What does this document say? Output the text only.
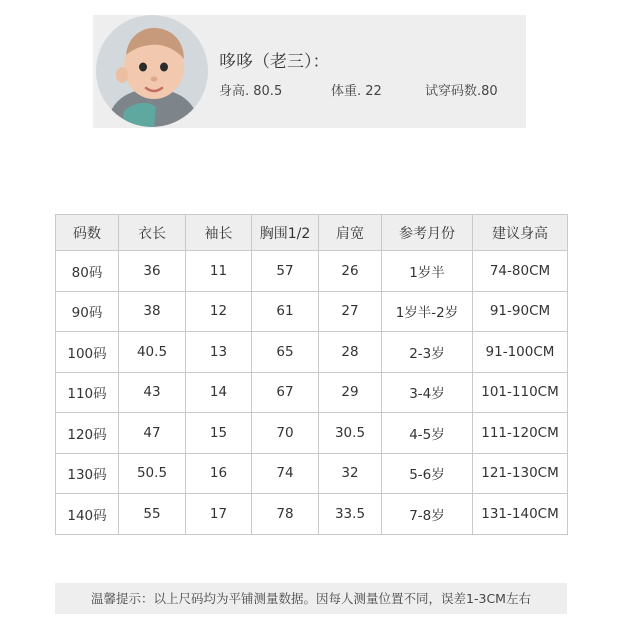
哆哆（老三）：
身高. 80.5	体重. 22	试穿码数.80
码数	衣长	袖长	胸围1/2	肩宽	参考月份	建议身高
80码	36	11	57	26	1岁半	74-80CM
90码	38	12	61	27	1岁半-2岁	91-90CM
100码	40.5	13	65	28	2-3岁	91-100CM
110码	43	14	67	29	3-4岁	101-110CM
120码	47	15	70	30.5	4-5岁	111-120CM
130码	50.5	16	74	32	5-6岁	121-130CM
140码	55	17	78	33.5	7-8岁	131-140CM
温馨提示：以上尺码均为平铺测量数据。因每人测量位置不同，误差1-3CM左右
